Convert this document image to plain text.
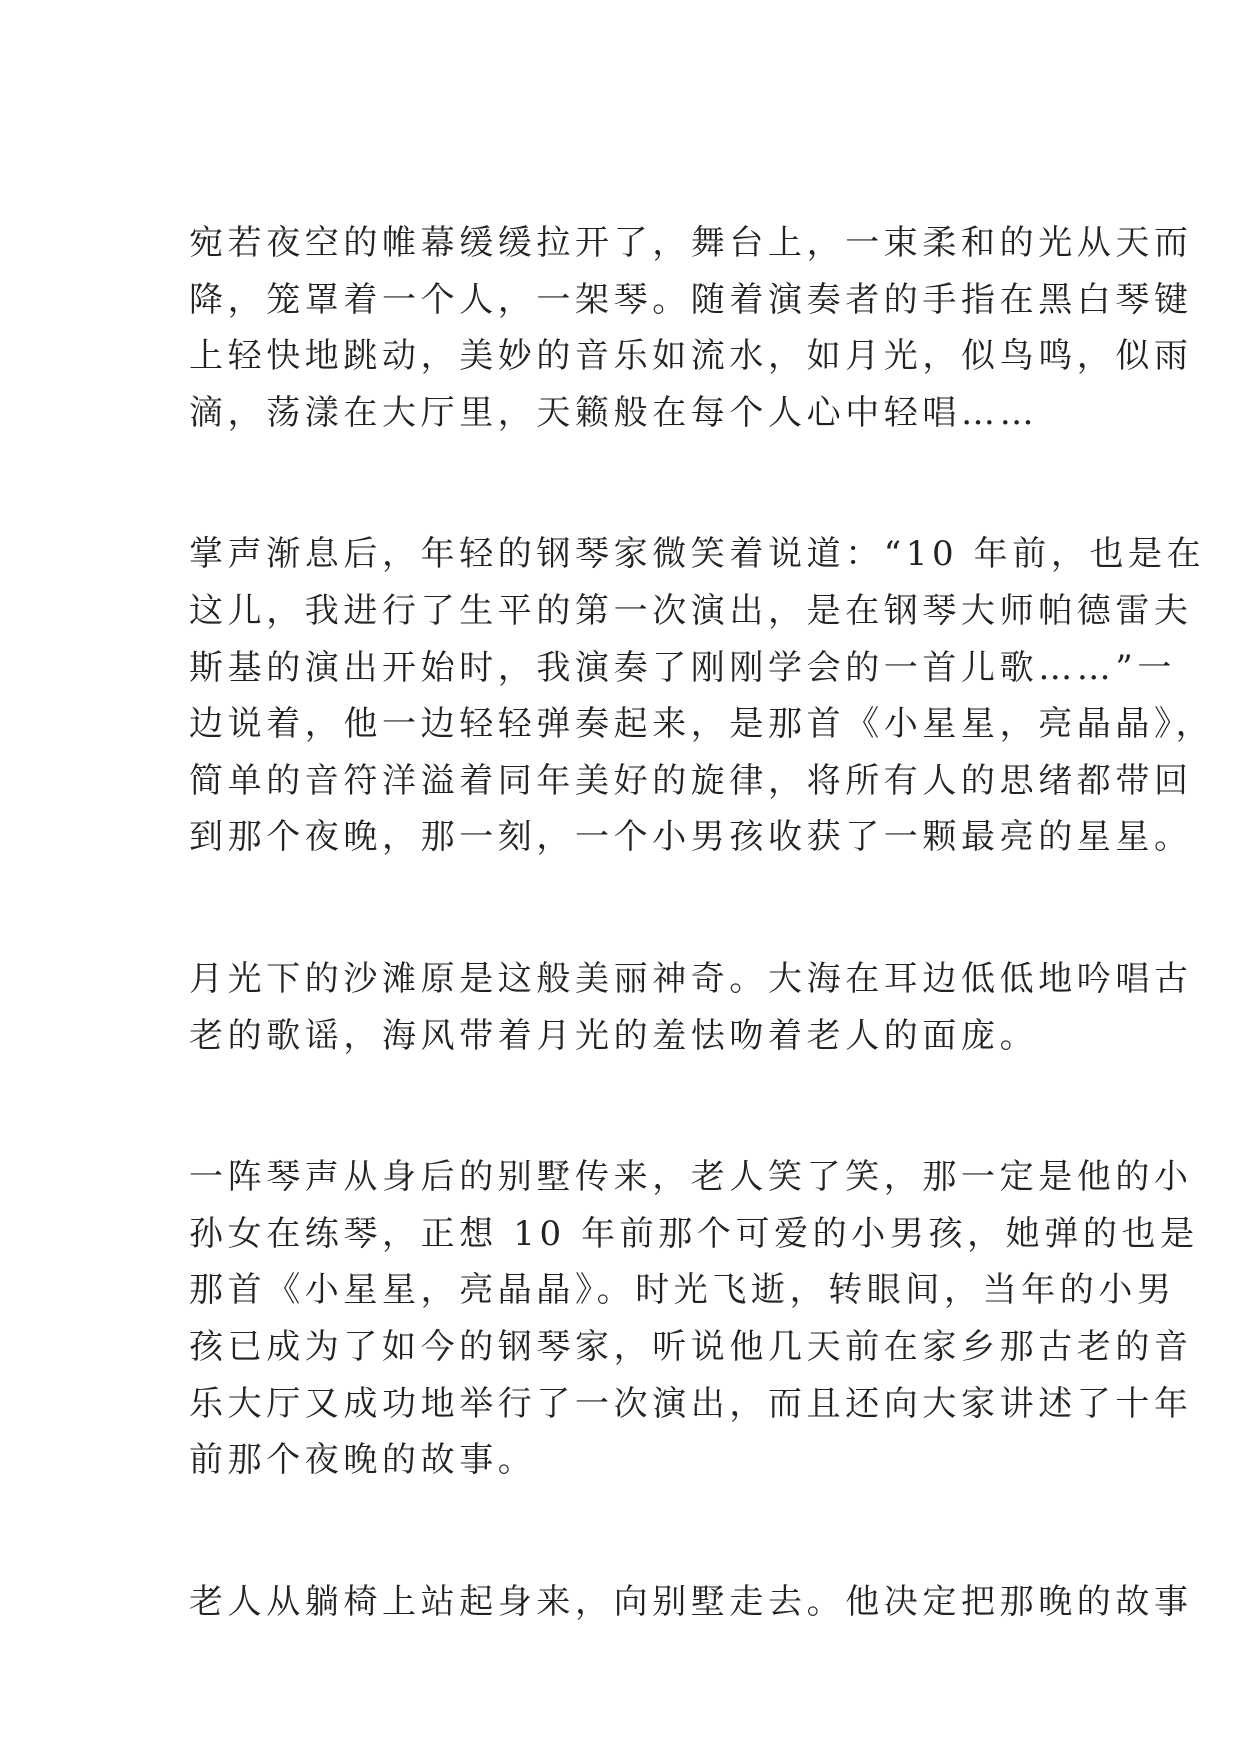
宛若夜空的帷幕缓缓拉开了，舞台上，一束柔和的光从天而
降，笼罩着一个人，一架琴。随着演奏者的手指在黑白琴键
上轻快地跳动，美妙的音乐如流水，如月光，似鸟鸣，似雨
滴，荡漾在大厅里，天籁般在每个人心中轻唱……

掌声渐息后，年轻的钢琴家微笑着说道：“10 年前，也是在
这儿，我进行了生平的第一次演出，是在钢琴大师帕德雷夫
斯基的演出开始时，我演奏了刚刚学会的一首儿歌……”一
边说着，他一边轻轻弹奏起来，是那首《小星星，亮晶晶》，
简单的音符洋溢着同年美好的旋律，将所有人的思绪都带回
到那个夜晚，那一刻，一个小男孩收获了一颗最亮的星星。

月光下的沙滩原是这般美丽神奇。大海在耳边低低地吟唱古
老的歌谣，海风带着月光的羞怯吻着老人的面庞。

一阵琴声从身后的别墅传来，老人笑了笑，那一定是他的小
孙女在练琴，正想 10 年前那个可爱的小男孩，她弹的也是
那首《小星星，亮晶晶》。时光飞逝，转眼间，当年的小男
孩已成为了如今的钢琴家，听说他几天前在家乡那古老的音
乐大厅又成功地举行了一次演出，而且还向大家讲述了十年
前那个夜晚的故事。

老人从躺椅上站起身来，向别墅走去。他决定把那晚的故事
